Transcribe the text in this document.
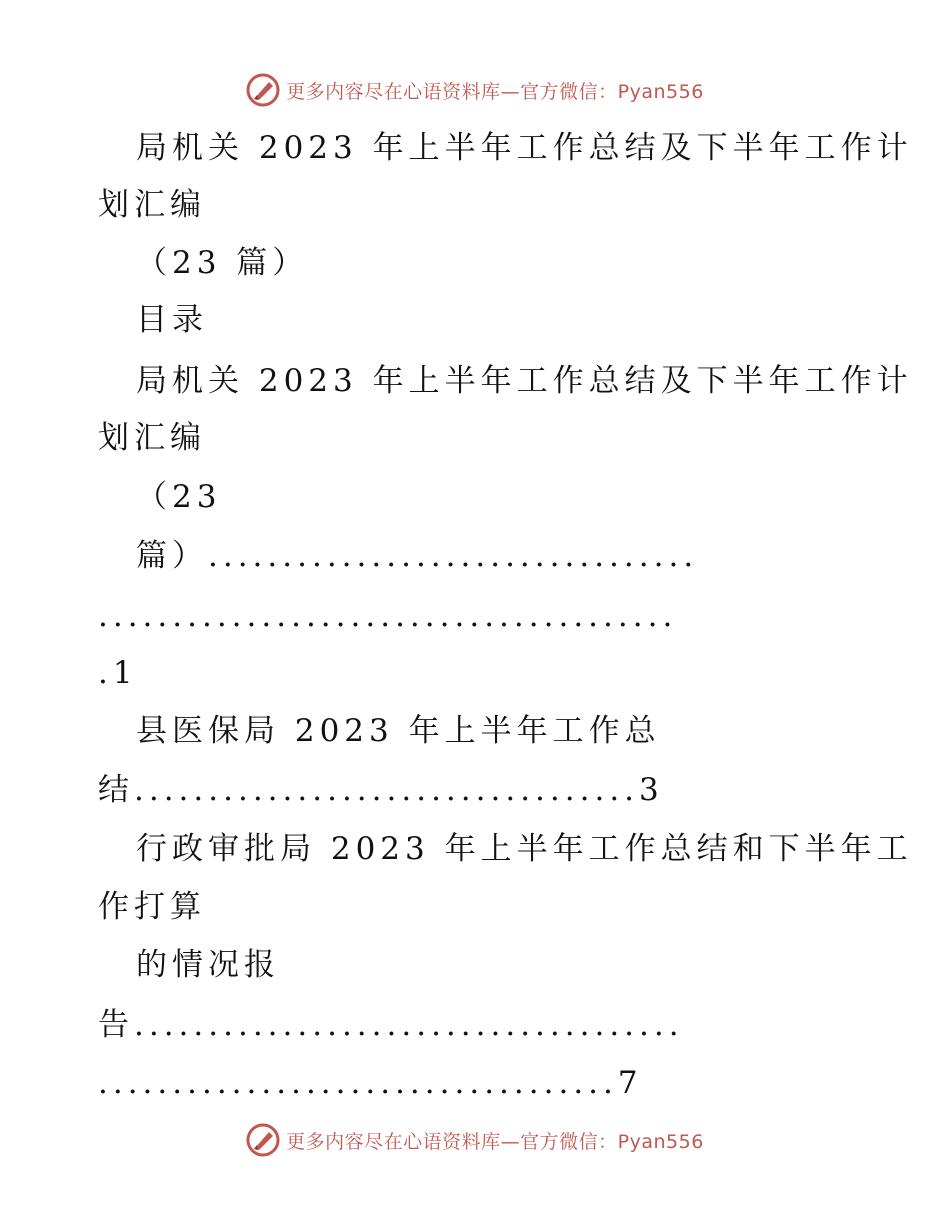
更多内容尽在心语资料库—官方微信：Pyan556
局机关 2023 年上半年工作总结及下半年工作计
划汇编
（23 篇）
目录
局机关 2023 年上半年工作总结及下半年工作计
划汇编
（23
篇）.................................
.......................................
.1
县医保局 2023 年上半年工作总
结..................................3
行政审批局 2023 年上半年工作总结和下半年工
作打算
的情况报
告.....................................
...................................7
更多内容尽在心语资料库—官方微信：Pyan556
